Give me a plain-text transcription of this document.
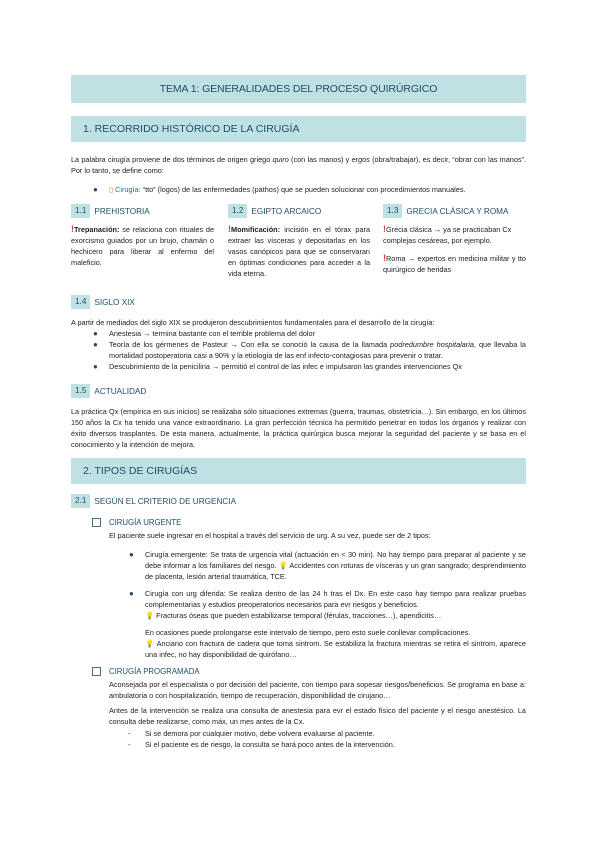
TEMA 1: GENERALIDADES DEL PROCESO QUIRÚRGICO
1. RECORRIDO HISTÓRICO DE LA CIRUGÍA
La palabra cirugía proviene de dos términos de origen griego quiro (con las manos) y ergos (obra/trabajar), es decir, “obrar con las manos”. Por lo tanto, se define como:
● ▯ Cirugía: “tto” (logos) de las enfermedades (pathos) que se pueden solucionar con procedimientos manuales.
1.1 PREHISTORIA	1.2 EGIPTO ARCAICO	1.3 GRECIA CLÁSICA Y ROMA
!Trepanación: se relaciona con rituales de exorcismo guiados por un brujo, chamán o hechicero para liberar al enfermo del maleficio.
!Momificación: incisión en el tórax para extraer las vísceras y depositarlas en los vasos canópicos para que se conservaran en óptimas condiciones para acceder a la vida eterna.
!Grecia clásica → ya se practicaban Cx complejas cesáreas, por ejemplo.
!Roma → expertos en medicina militar y tto quirúrgico de heridas
1.4 SIGLO XIX
A partir de mediados del siglo XIX se produjeron descubrimientos fundamentales para el desarrollo de la cirugía:
● Anestesia → termina bastante con el terrible problema del dolor
● Teoría de los gérmenes de Pasteur → Con ella se conoció la causa de la llamada podredumbre hospitalaria, que llevaba la mortalidad postoperatoria casi a 90% y la etiología de las enf infecto-contagiosas para prevenir o tratar.
● Descubrimiento de la penicilina → permitió el control de las infec e impulsaron las grandes intervenciones Qx
1.5 ACTUALIDAD
La práctica Qx (empírica en sus inicios) se realizaba sólo situaciones extremas (guerra, traumas, obstetricia…). Sin embargo, en los últimos 150 años la Cx ha tenido una vance extraordinario. La gran perfección técnica ha permitido penetrar en todos los órganos y realizar con éxito diversos trasplantes. De esta manera, actualmente, la práctica quirúrgica busca mejorar la seguridad del paciente y se basa en el conocimiento y la intención de mejora.
2. TIPOS DE CIRUGÍAS
2.1 SEGÚN EL CRITERIO DE URGENCIA
CIRUGÍA URGENTE
El paciente suele ingresar en el hospital a través del servicio de urg. A su vez, puede ser de 2 tipos:
● Cirugía emergente: Se trata de urgencia vital (actuación en < 30 min). No hay tiempo para preparar al paciente y se debe informar a los familiares del riesgo. 💡 Accidentes con roturas de vísceras y un gran sangrado; desprendimiento de placenta, lesión arterial traumática, TCE.
● Cirugía con urg diferida: Se realiza dentro de las 24 h tras el Dx. En este caso hay tiempo para realizar pruebas complementarias y estudios preoperatorios necesarios para evr riesgos y beneficios.
💡 Fracturas óseas que pueden estabilizarse temporal (férulas, tracciones…), apendicitis…
En ocasiones puede prolongarse este intervalo de tiempo, pero esto suele conllevar complicaciones.
💡 Anciano con fractura de cadera que toma sintrom. Se estabiliza la fractura mientras se retira el sintrom, aparece una infec, no hay disponibilidad de quirófano…
CIRUGÍA PROGRAMADA
Aconsejada por el especialista o por decisión del paciente, con tiempo para sopesar riesgos/beneficios. Se programa en base a: ambulatoria o con hospitalización, tiempo de recuperación, disponibilidad de cirujano…
Antes de la intervención se realiza una consulta de anestesia para evr el estado físico del paciente y el riesgo anestésico. La consulta debe realizarse, como máx, un mes antes de la Cx.
- Si se demora por cualquier motivo, debe volvera evaluarse al paciente.
- Si el paciente es de riesgo, la consulta se hará poco antes de la intervención.
